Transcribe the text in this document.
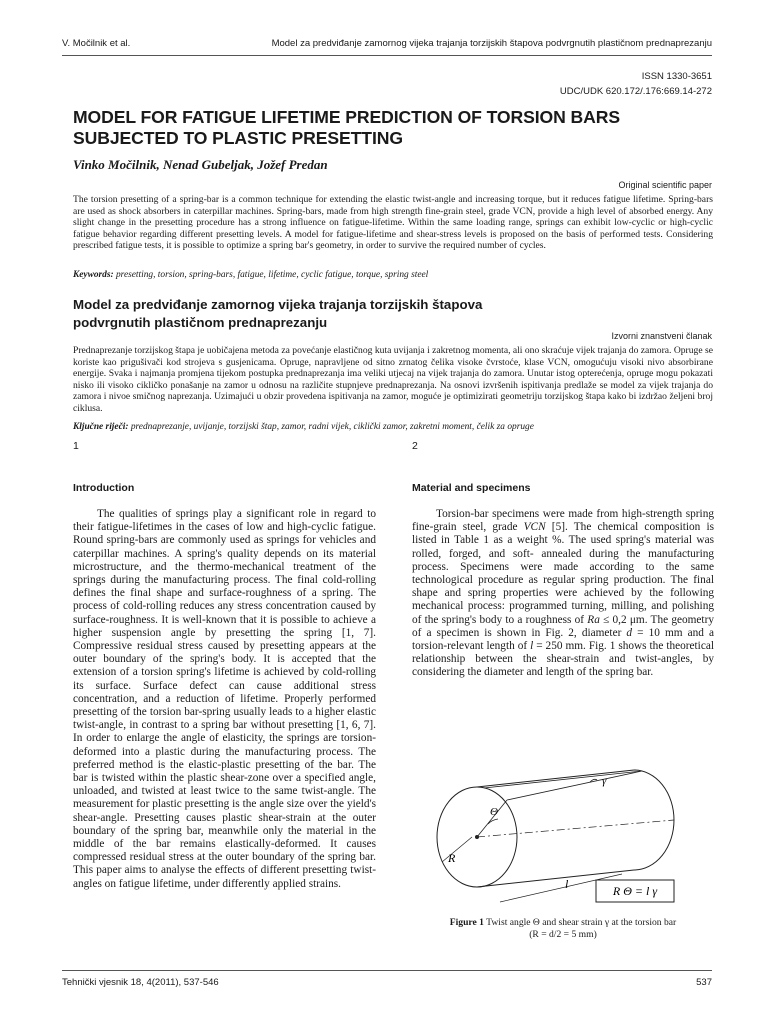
V. Močilnik et al.	Model za predviđanje zamornog vijeka trajanja torzijskih štapova podvrgnutih plastičnom prednaprezanju
ISSN 1330-3651
UDC/UDK 620.172/.176:669.14-272
MODEL FOR FATIGUE LIFETIME PREDICTION OF TORSION BARS
SUBJECTED TO PLASTIC PRESETTING
Vinko Močilnik, Nenad Gubeljak, Jožef Predan
Original scientific paper
The torsion presetting of a spring-bar is a common technique for extending the elastic twist-angle and increasing torque, but it reduces fatigue lifetime. Spring-bars are used as shock absorbers in caterpillar machines. Spring-bars, made from high strength fine-grain steel, grade VCN, provide a high level of absorbed energy. Any slight change in the presetting procedure has a strong influence on fatigue-lifetime. Within the same loading range, springs can exhibit low-cyclic or high-cyclic fatigue behavior regarding different presetting levels. A model for fatigue-lifetime and shear-stress levels is proposed on the basis of performed tests. Considering prescribed fatigue tests, it is possible to optimize a spring bar's geometry, in order to survive the required number of cycles.
Keywords: presetting, torsion, spring-bars, fatigue, lifetime, cyclic fatigue, torque, spring steel
Model za predviđanje zamornog vijeka trajanja torzijskih štapova
podvrgnutih plastičnom prednaprezanju
Izvorni znanstveni članak
Prednaprezanje torzijskog štapa je uobičajena metoda za povećanje elastičnog kuta uvijanja i zakretnog momenta, ali ono skraćuje vijek trajanja do zamora. Opruge se koriste kao prigušivači kod strojeva s gusjenicama. Opruge, napravljene od sitno zrnatog čelika visoke čvrstoće, klase VCN, omogućuju visoki nivo absorbirane energije. Svaka i najmanja promjena tijekom postupka prednaprezanja ima veliki utjecaj na vijek trajanja do zamora. Unutar istog opterećenja, opruge mogu pokazati nisko ili visoko cikličko ponašanje na zamor u odnosu na različite stupnjeve prednaprezanja. Na osnovi izvršenih ispitivanja predlaže se model za vijek trajanja do zamora i nivoe smičnog naprezanja. Uzimajući u obzir provedena ispitivanja na zamor, moguće je optimizirati geometriju torzijskog štapa kako bi izdržao željeni broj ciklusa.
Ključne riječi: prednaprezanje, uvijanje, torzijski štap, zamor, radni vijek, ciklički zamor, zakretni moment, čelik za opruge
1
Introduction

The qualities of springs play a significant role in regard to their fatigue-lifetimes in the cases of low and high-cyclic fatigue. Round spring-bars are commonly used as springs for vehicles and caterpillar machines. A spring's quality depends on its material microstructure, and the thermo-mechanical treatment of the springs during the manufacturing process. The final cold-rolling defines the final shape and surface-roughness of a spring. The process of cold-rolling reduces any stress concentration caused by surface-roughness. It is well-known that it is possible to achieve a higher suspension angle by presetting the spring [1, 7]. Compressive residual stress caused by presetting appears at the outer boundary of the spring's body. It is accepted that the extension of a torsion spring's lifetime is achieved by cold-rolling its surface. Surface defect can cause additional stress concentration, and a reduction of lifetime. Properly performed presetting of the torsion bar-spring usually leads to a higher elastic twist-angle, in contrast to a spring bar without presetting [1, 6, 7]. In order to enlarge the angle of elasticity, the springs are torsion-deformed into a plastic during the manufacturing process. The preferred method is the elastic-plastic presetting of the bar. The bar is twisted within the plastic shear-zone over a specified angle, unloaded, and twisted at least twice to the same twist-angle. The measurement for plastic presetting is the angle size over the yield's shear-angle. Presetting causes plastic shear-strain at the outer boundary of the spring bar, meanwhile only the material in the middle of the bar remains elastically-deformed. It causes compressed residual stress at the outer boundary of the spring bar. This paper aims to analyse the effects of different presetting twist-angles on fatigue lifetime, under differently applied strains.

2
Material and specimens

Torsion-bar specimens were made from high-strength spring fine-grain steel, grade VCN [5]. The chemical composition is listed in Table 1 as a weight %. The used spring's material was rolled, forged, and soft- annealed during the manufacturing process. Specimens were made according to the same technological procedure as regular spring production. The final shape and spring properties were achieved by the following mechanical process: programmed turning, milling, and polishing of the spring's body to a roughness of Ra ≤ 0,2 μm. The geometry of a specimen is shown in Fig. 2, diameter d = 10 mm and a torsion-relevant length of l = 250 mm. Fig. 1 shows the theoretical relationship between the shear-strain and twist-angles, by considering the diameter and length of the spring bar.

Θ
γ
R
l	R Θ = l γ
Figure 1 Twist angle Θ and shear strain γ at the torsion bar
(R = d/2 = 5 mm)
Tehnički vjesnik 18, 4(2011), 537-546	537
